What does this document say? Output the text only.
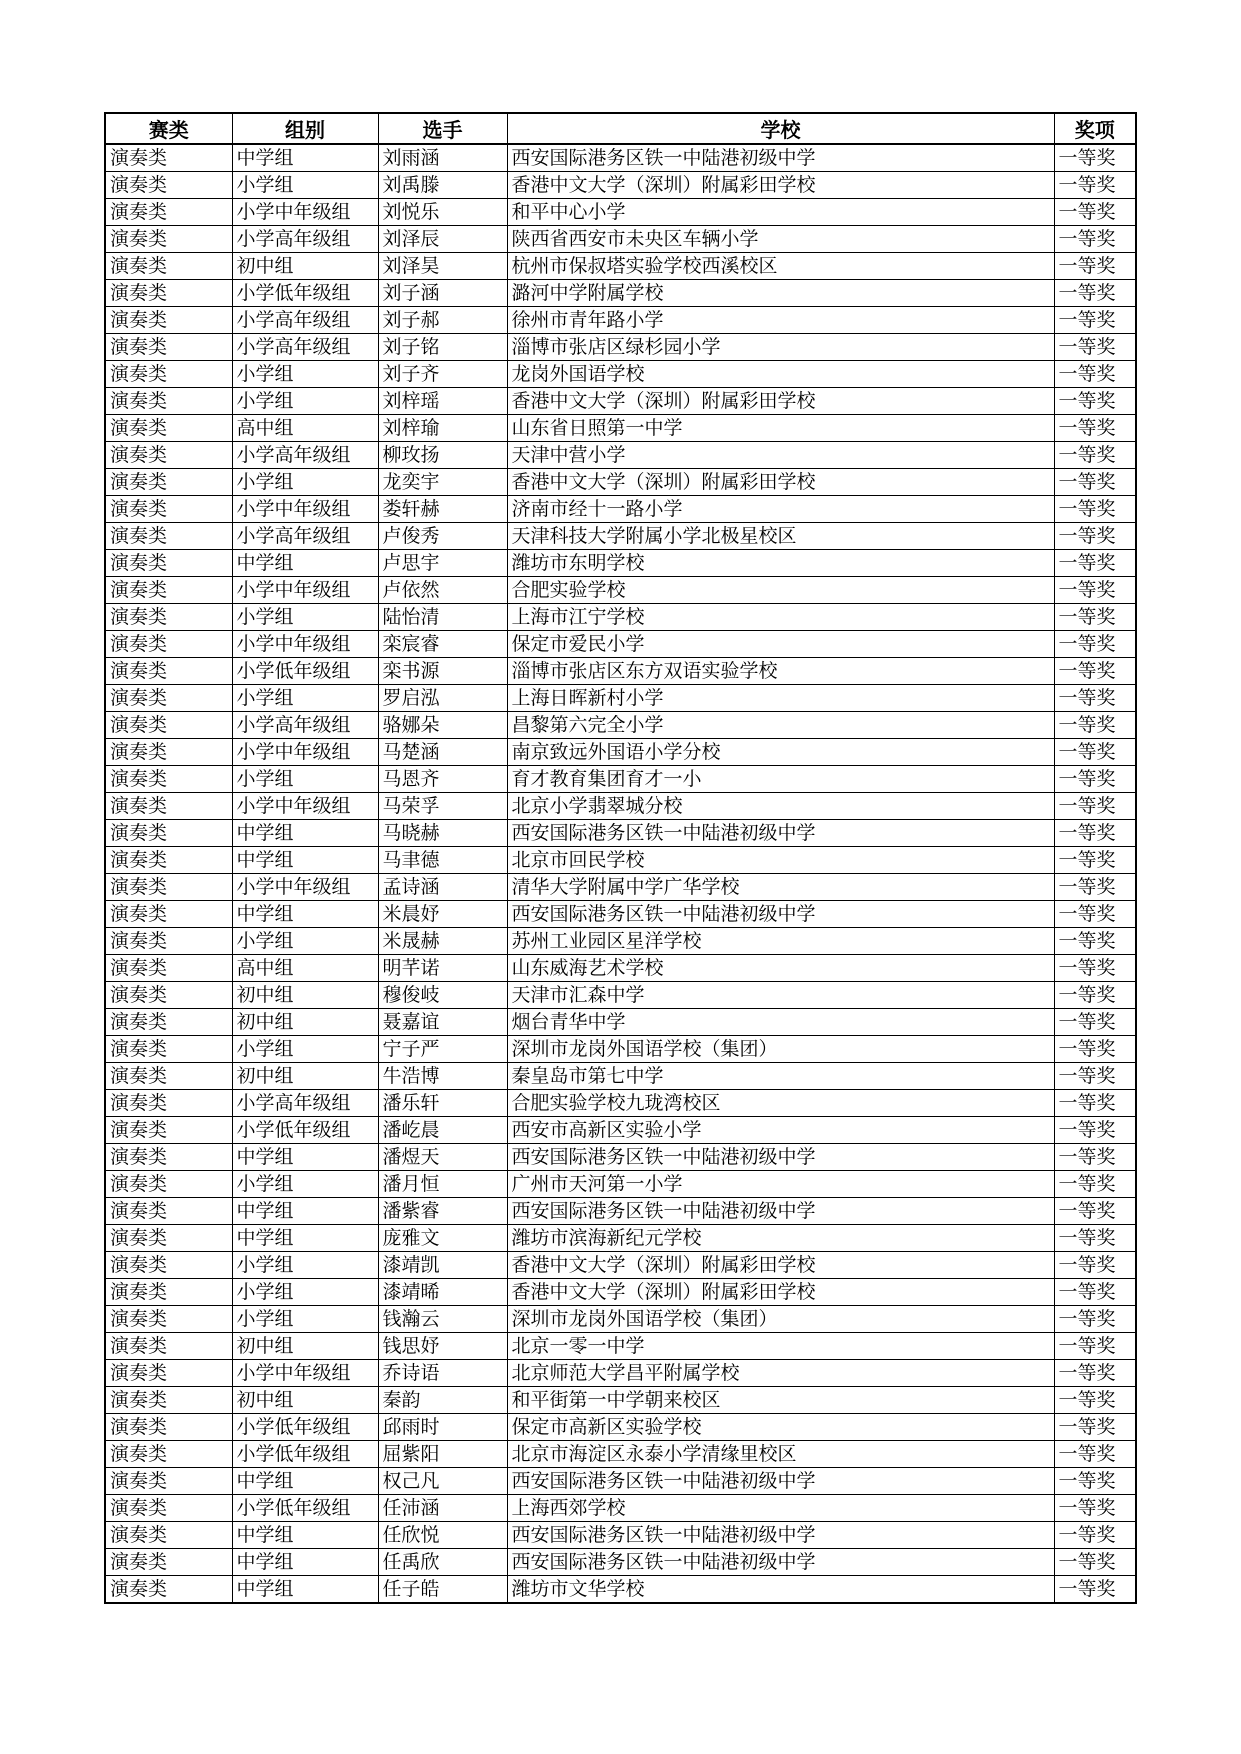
赛类	组别	选手	学校	奖项
演奏类	中学组	刘雨涵	西安国际港务区铁一中陆港初级中学	一等奖
演奏类	小学组	刘禹滕	香港中文大学（深圳）附属彩田学校	一等奖
演奏类	小学中年级组	刘悦乐	和平中心小学	一等奖
演奏类	小学高年级组	刘泽辰	陕西省西安市未央区车辆小学	一等奖
演奏类	初中组	刘泽昊	杭州市保叔塔实验学校西溪校区	一等奖
演奏类	小学低年级组	刘子涵	潞河中学附属学校	一等奖
演奏类	小学高年级组	刘子郝	徐州市青年路小学	一等奖
演奏类	小学高年级组	刘子铭	淄博市张店区绿杉园小学	一等奖
演奏类	小学组	刘子齐	龙岗外国语学校	一等奖
演奏类	小学组	刘梓瑶	香港中文大学（深圳）附属彩田学校	一等奖
演奏类	高中组	刘梓瑜	山东省日照第一中学	一等奖
演奏类	小学高年级组	柳玫扬	天津中营小学	一等奖
演奏类	小学组	龙奕宇	香港中文大学（深圳）附属彩田学校	一等奖
演奏类	小学中年级组	娄轩赫	济南市经十一路小学	一等奖
演奏类	小学高年级组	卢俊秀	天津科技大学附属小学北极星校区	一等奖
演奏类	中学组	卢思宇	潍坊市东明学校	一等奖
演奏类	小学中年级组	卢依然	合肥实验学校	一等奖
演奏类	小学组	陆怡清	上海市江宁学校	一等奖
演奏类	小学中年级组	栾宸睿	保定市爱民小学	一等奖
演奏类	小学低年级组	栾书源	淄博市张店区东方双语实验学校	一等奖
演奏类	小学组	罗启泓	上海日晖新村小学	一等奖
演奏类	小学高年级组	骆娜朵	昌黎第六完全小学	一等奖
演奏类	小学中年级组	马楚涵	南京致远外国语小学分校	一等奖
演奏类	小学组	马恩齐	育才教育集团育才一小	一等奖
演奏类	小学中年级组	马荣孚	北京小学翡翠城分校	一等奖
演奏类	中学组	马晓赫	西安国际港务区铁一中陆港初级中学	一等奖
演奏类	中学组	马聿德	北京市回民学校	一等奖
演奏类	小学中年级组	孟诗涵	清华大学附属中学广华学校	一等奖
演奏类	中学组	米晨妤	西安国际港务区铁一中陆港初级中学	一等奖
演奏类	小学组	米晟赫	苏州工业园区星洋学校	一等奖
演奏类	高中组	明芊诺	山东威海艺术学校	一等奖
演奏类	初中组	穆俊岐	天津市汇森中学	一等奖
演奏类	初中组	聂嘉谊	烟台青华中学	一等奖
演奏类	小学组	宁子严	深圳市龙岗外国语学校（集团）	一等奖
演奏类	初中组	牛浩博	秦皇岛市第七中学	一等奖
演奏类	小学高年级组	潘乐轩	合肥实验学校九珑湾校区	一等奖
演奏类	小学低年级组	潘屹晨	西安市高新区实验小学	一等奖
演奏类	中学组	潘煜天	西安国际港务区铁一中陆港初级中学	一等奖
演奏类	小学组	潘月恒	广州市天河第一小学	一等奖
演奏类	中学组	潘紫睿	西安国际港务区铁一中陆港初级中学	一等奖
演奏类	中学组	庞雅文	潍坊市滨海新纪元学校	一等奖
演奏类	小学组	漆靖凯	香港中文大学（深圳）附属彩田学校	一等奖
演奏类	小学组	漆靖晞	香港中文大学（深圳）附属彩田学校	一等奖
演奏类	小学组	钱瀚云	深圳市龙岗外国语学校（集团）	一等奖
演奏类	初中组	钱思妤	北京一零一中学	一等奖
演奏类	小学中年级组	乔诗语	北京师范大学昌平附属学校	一等奖
演奏类	初中组	秦韵	和平街第一中学朝来校区	一等奖
演奏类	小学低年级组	邱雨时	保定市高新区实验学校	一等奖
演奏类	小学低年级组	屈紫阳	北京市海淀区永泰小学清缘里校区	一等奖
演奏类	中学组	权己凡	西安国际港务区铁一中陆港初级中学	一等奖
演奏类	小学低年级组	任沛涵	上海西郊学校	一等奖
演奏类	中学组	任欣悦	西安国际港务区铁一中陆港初级中学	一等奖
演奏类	中学组	任禹欣	西安国际港务区铁一中陆港初级中学	一等奖
演奏类	中学组	任子皓	潍坊市文华学校	一等奖
